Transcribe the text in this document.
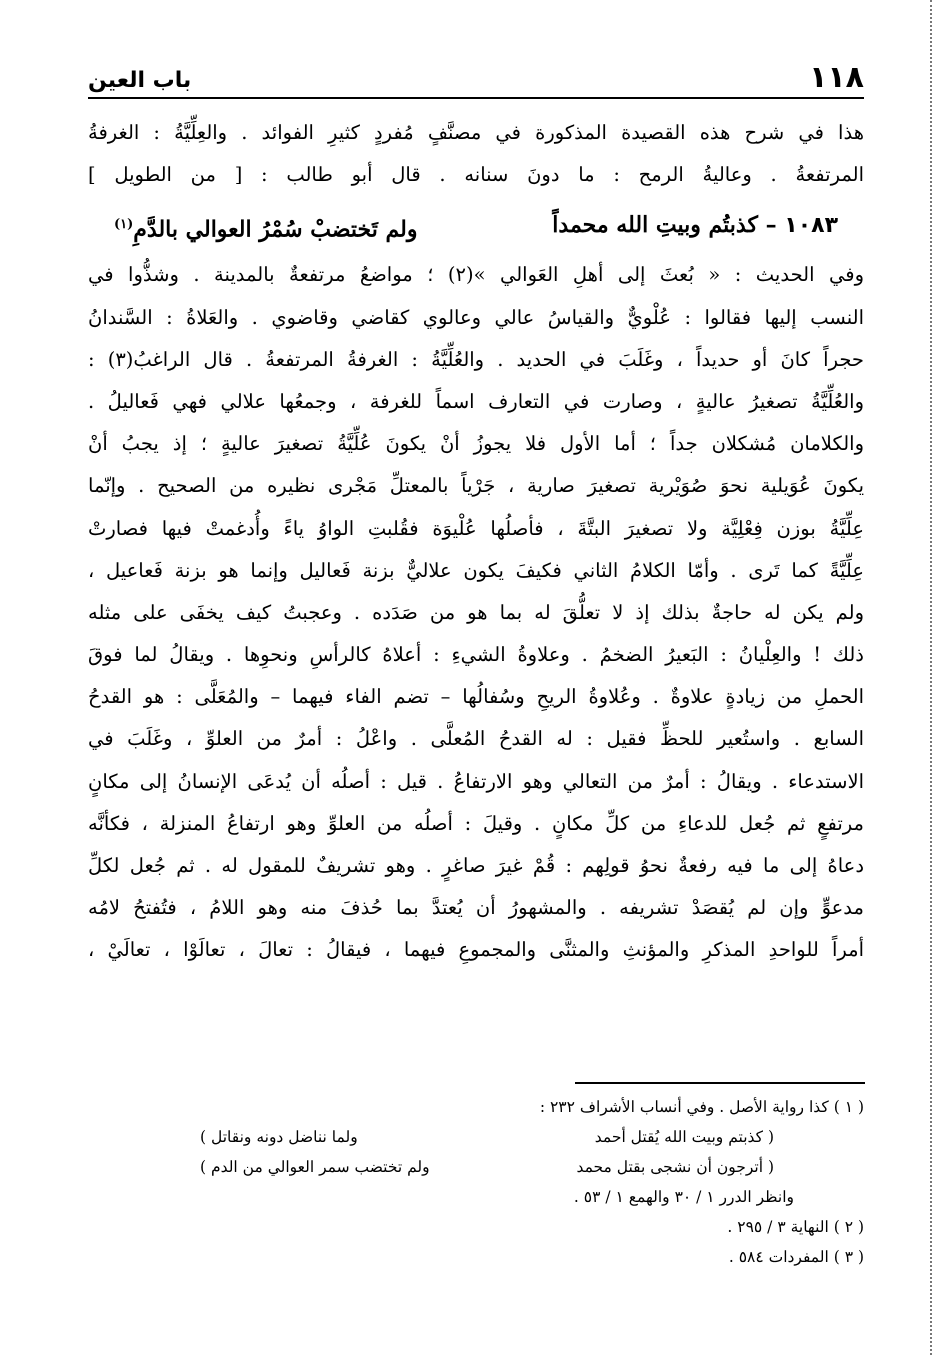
١١٨
باب العين
هذا في شرح هذه القصيدة المذكورة في مصنَّفٍ مُفردٍ كثيرِ الفوائد . والعِلِّيَّةُ : الغرفةُ
المرتفعةُ . وعاليةُ الرمح : ما دونَ سنانه . قال أبو طالب : [ من الطويل ]
١٠٨٣ – كذبتُم وبيتِ الله محمداً
ولم تَختضبْ سُمْرُ العوالي بالدَّمِ$^{(١)}$
وفي الحديث : « بُعثَ إلى أهلِ العَوالي »(٢) ؛ مواضعُ مرتفعةٌ بالمدينة . وشذُّوا في
النسب إليها فقالوا : عُلْويٌّ والقياسُ عالي وعالوي كقاضي وقاضوي . والعَلاةُ : السَّندانُ
حجراً كانَ أو حديداً ، وغَلَبَ في الحديد . والعُلِّيَّةُ : الغرفةُ المرتفعةُ . قال الراغبُ(٣) :
والعُلِّيَّةُ تصغيرُ عاليةٍ ، وصارت في التعارف اسماً للغرفة ، وجمعُها علالي فهي فَعاليلُ .
والكلامان مُشكلان جداً ؛ أما الأول فلا يجوزُ أنْ يكونَ عُلِّيَّةُ تصغيرَ عاليةٍ ؛ إذ يجبُ أنْ
يكونَ عُوَيلية نحوَ صُوَيْرية تصغيرَ صارية ، جَرْياً بالمعتلِّ مَجْرى نظيره من الصحيح . وإنّما
عِلِّيَّةُ بوزن فِعْلِيَّة ولا تصغيرَ البتَّةَ ، فأصلُها عُلْيوَة فقُلبتِ الواوُ ياءً وأُدغمتْ فيها فصارتْ
عِلِّيَّةً كما تَرى . وأمّا الكلامُ الثاني فكيفَ يكون علاليٌّ بزنة فَعاليل وإنما هو بزنة فَعاعيل ،
ولم يكن له حاجةٌ بذلك إذ لا تعلُّقَ له بما هو من صَدَده . وعجبتُ كيف يخفَى على مثله
ذلك ! والعِلْيانُ : البَعيرُ الضخمُ . وعلاوةُ الشيءِ : أعلاهُ كالرأسِ ونحوِها . ويقالُ لما فوقَ
الحملِ من زيادةٍ علاوةٌ . وعُلاوةُ الريحِ وسُفالُها – تضم الفاء فيهما – والمُعَلَّى : هو القدحُ
السابع . واستُعير للحظِّ فقيل : له القدحُ المُعلَّى . واعْلُ : أمرٌ من العلوِّ ، وغَلَبَ في
الاستدعاء . ويقالُ : أمرٌ من التعالي وهو الارتفاعُ . قيل : أصلُه أن يُدعَى الإنسانُ إلى مكانٍ
مرتفعٍ ثم جُعل للدعاءِ من كلِّ مكانٍ . وقيلَ : أصلُه من العلوِّ وهو ارتفاعُ المنزلة ، فكأنَّه
دعاهُ إلى ما فيه رفعةٌ نحوُ قولِهم : قُمْ غيرَ صاغرٍ . وهو تشريفٌ للمقول له . ثم جُعل لكلِّ
مدعوٍّ وإن لم يُقصَدْ تشريفه . والمشهورُ أن يُعتدَّ بما حُذفَ منه وهو اللامُ ، فتُفتحُ لامُه
أمراً للواحدِ المذكرِ والمؤنثِ والمثنَّى والمجموعِ فيهما ، فيقالُ : تعالَ ، تعالَوْا ، تعالَيْ ،
( ١ ) كذا رواية الأصل . وفي أنساب الأشراف ٢٣٢ :
( كذبتم وبيت الله يُقتل أحمد
ولما نناضل دونه ونقاتل )
( أترجون أن نشجى بقتل محمد
ولم تختضب سمر العوالي من الدم )
وانظر الدرر ١ / ٣٠ والهمع ١ / ٥٣ .
( ٢ ) النهاية ٣ / ٢٩٥ .
( ٣ ) المفردات ٥٨٤ .
